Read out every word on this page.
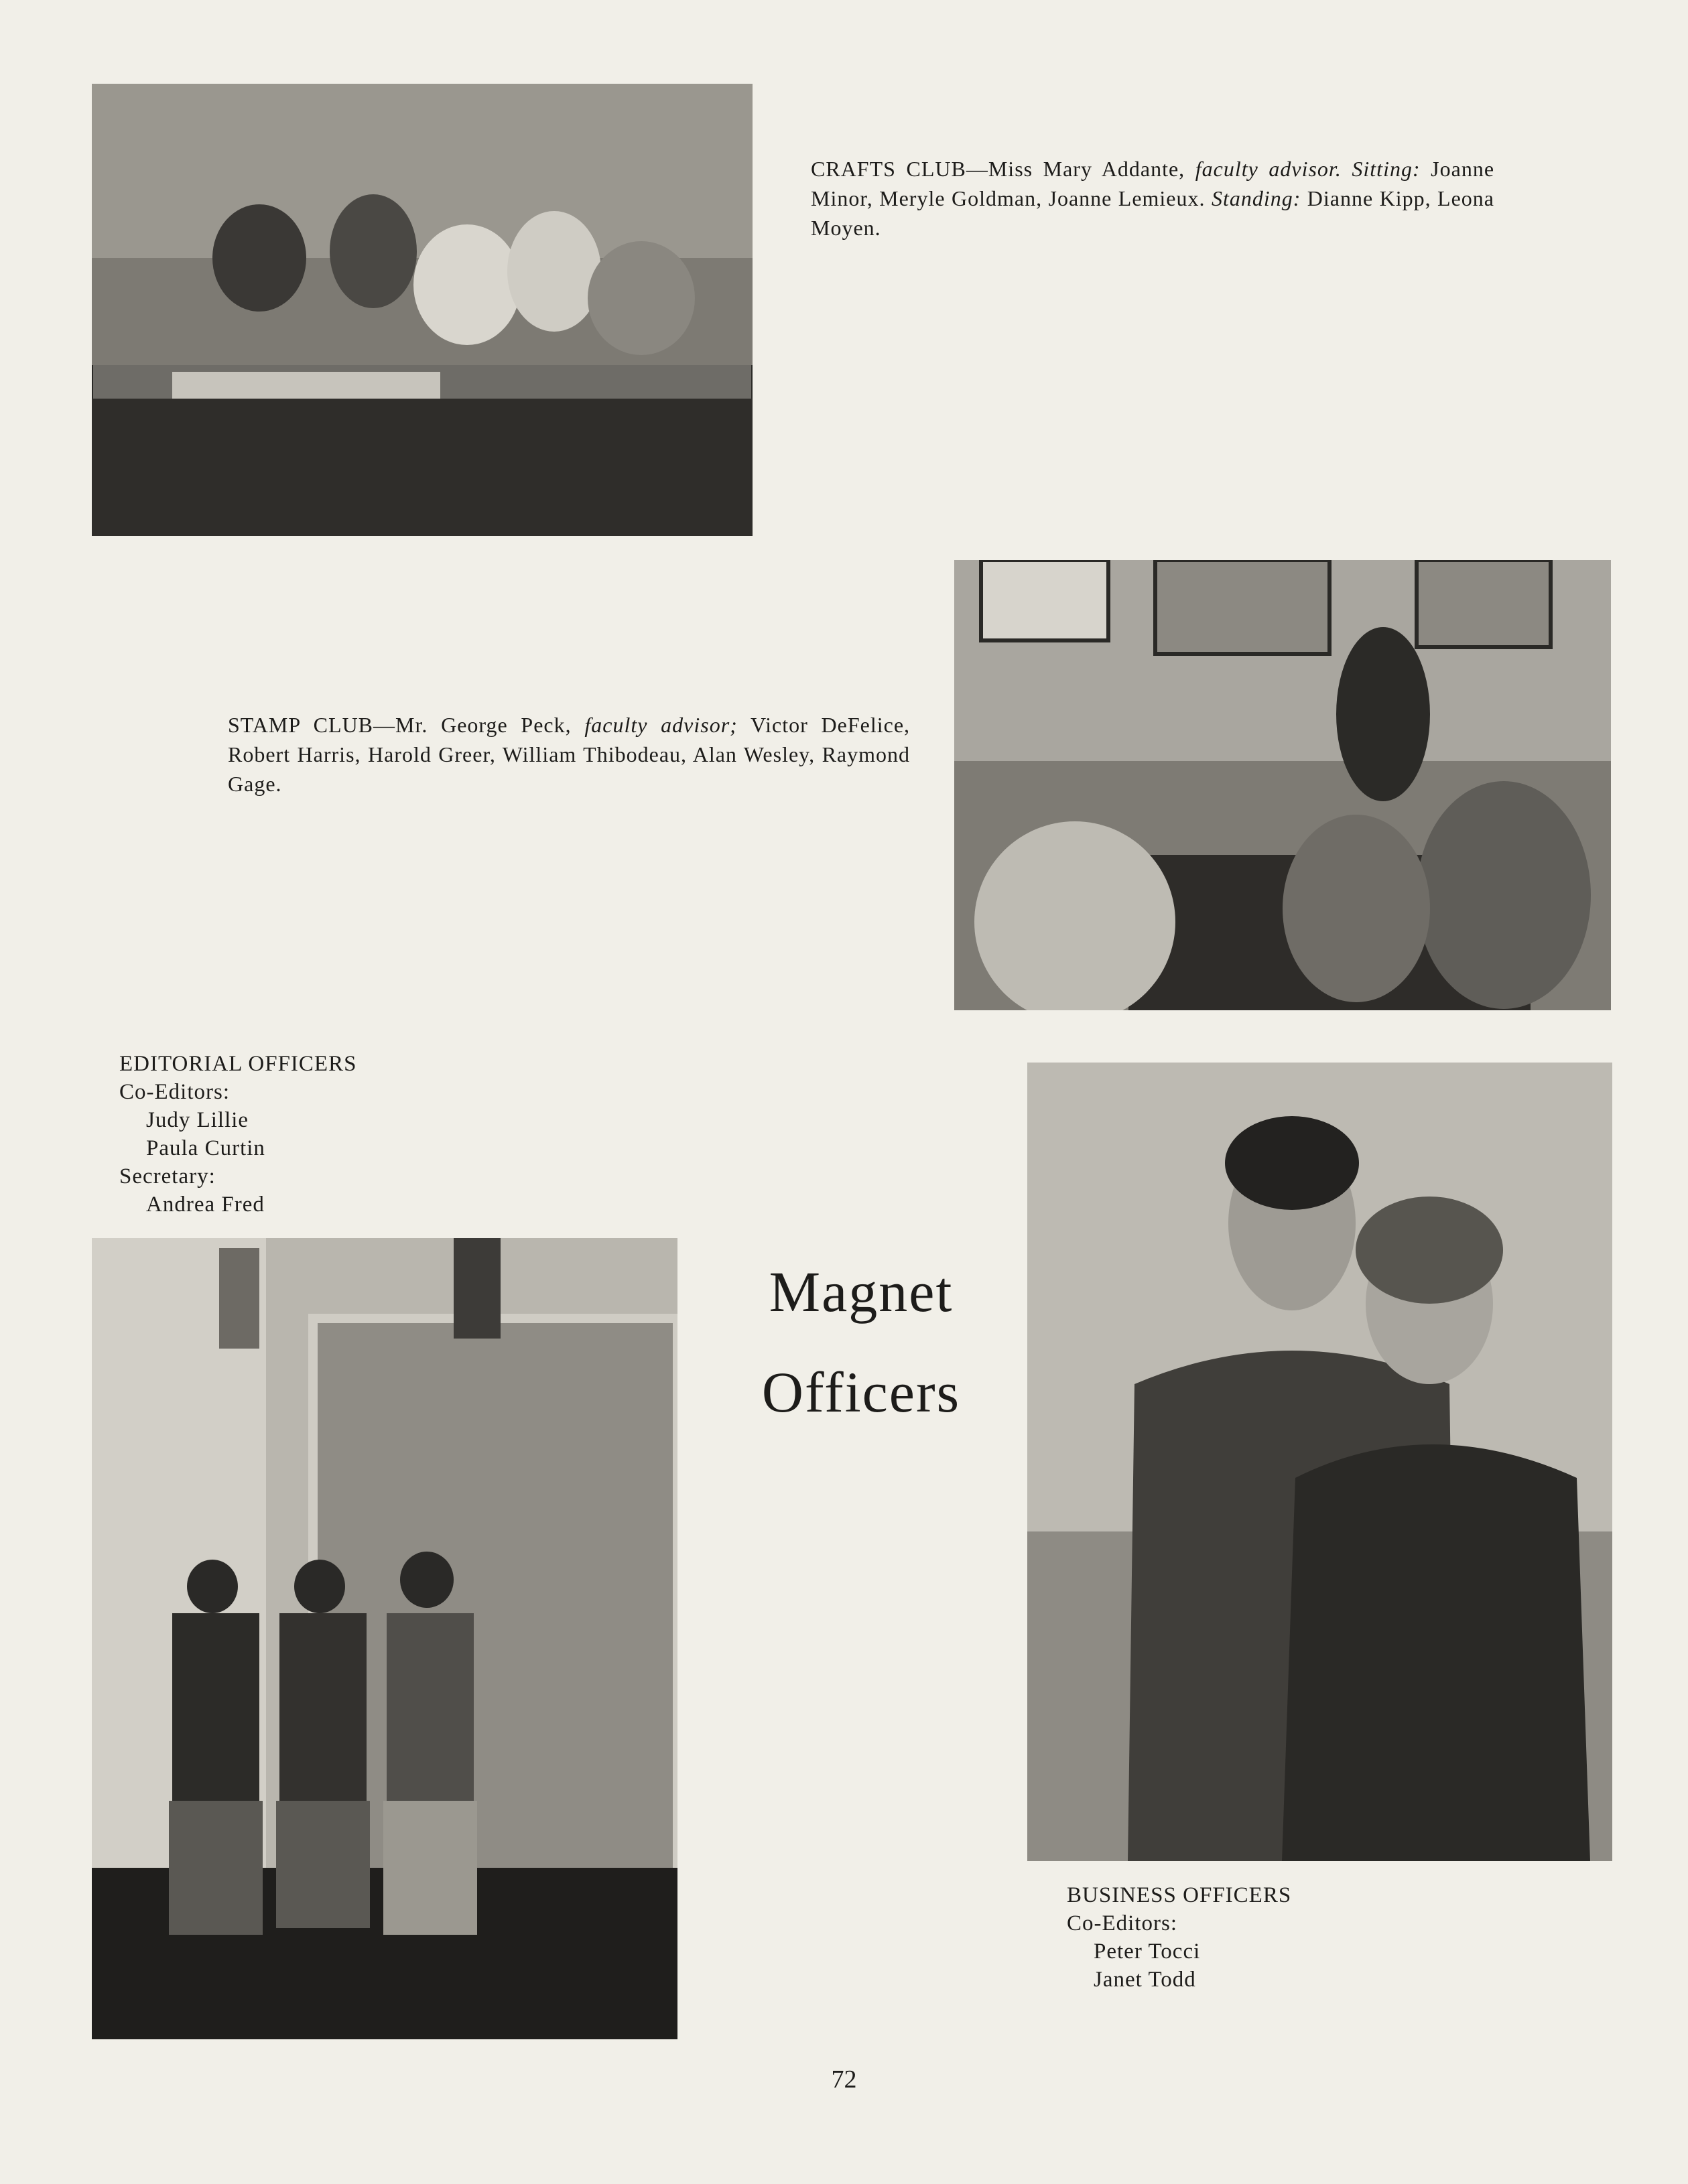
CRAFTS CLUB—Miss Mary Addante, faculty advisor. Sitting: Joanne Minor, Meryle Goldman, Joanne Lemieux. Standing: Dianne Kipp, Leona Moyen.
STAMP CLUB—Mr. George Peck, faculty advisor; Victor DeFelice, Robert Harris, Harold Greer, William Thibodeau, Alan Wesley, Raymond Gage.
EDITORIAL OFFICERS
Co-Editors:
Judy Lillie
Paula Curtin
Secretary:
Andrea Fred
Magnet
Officers
BUSINESS OFFICERS
Co-Editors:
Peter Tocci
Janet Todd
72
